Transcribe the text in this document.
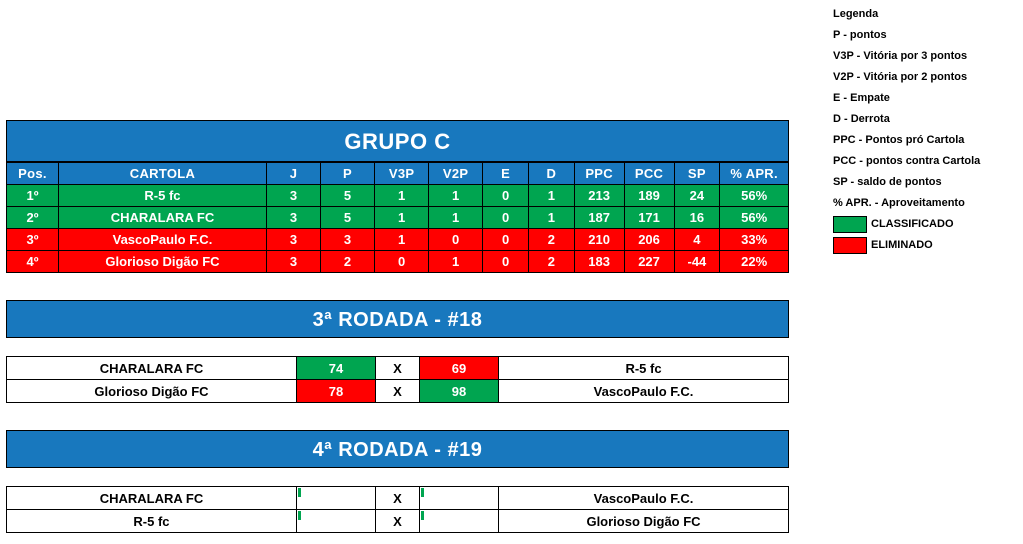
Legenda
P - pontos
V3P - Vitória por 3 pontos
V2P - Vitória por 2 pontos
E - Empate
D - Derrota
PPC - Pontos pró Cartola
PCC - pontos contra Cartola
SP - saldo de pontos
% APR. - Aproveitamento
CLASSIFICADO
ELIMINADO
GRUPO C
Pos.	CARTOLA	J	P	V3P	V2P	E	D	PPC	PCC	SP	% APR.
1º	R-5 fc	3	5	1	1	0	1	213	189	24	56%
2º	CHARALARA FC	3	5	1	1	0	1	187	171	16	56%
3º	VascoPaulo F.C.	3	3	1	0	0	2	210	206	4	33%
4º	Glorioso Digão FC	3	2	0	1	0	2	183	227	-44	22%
3ª RODADA - #18
CHARALARA FC	74	X	69	R-5 fc
Glorioso Digão FC	78	X	98	VascoPaulo F.C.
4ª RODADA - #19
CHARALARA FC		X		VascoPaulo F.C.
R-5 fc		X		Glorioso Digão FC
